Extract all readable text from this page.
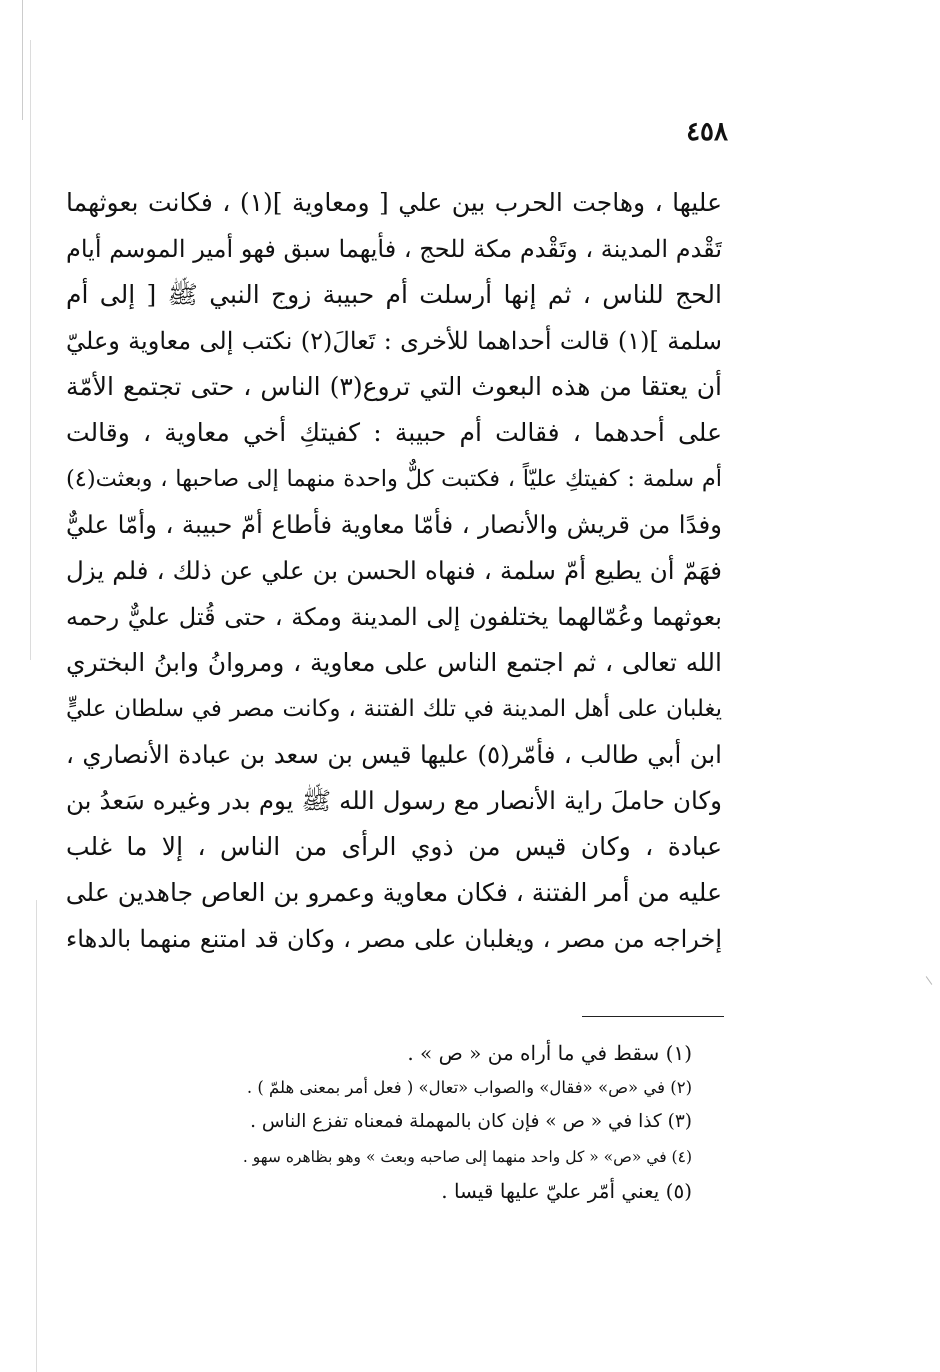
٤٥٨
عليها ، وهاجت الحرب بين علي [ ومعاوية ](١) ، فكانت بعوثهما
تَقْدم المدينة ، وتَقْدم مكة للحج ، فأيهما سبق فهو أمير الموسم أيام
الحج للناس ، ثم إنها أرسلت أم حبيبة زوج النبي ﷺ [ إلى أم
سلمة ](١) قالت أحداهما للأخرى : تَعالَ(٢) نكتب إلى معاوية وعليّ
أن يعتقا من هذه البعوث التي تروع(٣) الناس ، حتى تجتمع الأمّة
على أحدهما ، فقالت أم حبيبة : كفيتكِ أخي معاوية ، وقالت
أم سلمة : كفيتكِ عليّاً ، فكتبت كلٌّ واحدة منهما إلى صاحبها ، وبعثت(٤)
وفدًا من قريش والأنصار ، فأمّا معاوية فأطاع أمّ حبيبة ، وأمّا عليٌّ
فهَمّ أن يطيع أمّ سلمة ، فنهاه الحسن بن علي عن ذلك ، فلم يزل
بعوثهما وعُمّالهما يختلفون إلى المدينة ومكة ، حتى قُتل عليٌّ رحمه
الله تعالى ، ثم اجتمع الناس على معاوية ، ومروانُ وابنُ البختري
يغلبان على أهل المدينة في تلك الفتنة ، وكانت مصر في سلطان عليٍّ
ابن أبي طالب ، فأمّر(٥) عليها قيس بن سعد بن عبادة الأنصاري ،
وكان حاملَ راية الأنصار مع رسول الله ﷺ يوم بدر وغيره سَعدُ بن
عبادة ، وكان قيس من ذوي الرأى من الناس ، إلا ما غلب
عليه من أمر الفتنة ، فكان معاوية وعمرو بن العاص جاهدين على
إخراجه من مصر ، ويغلبان على مصر ، وكان قد امتنع منهما بالدهاء
(١) سقط في ما أراه من « ص » .
(٢) في «ص» «فقال» والصواب «تعال» ( فعل أمر بمعنى هلمّ ) .
(٣) كذا في « ص » فإن كان بالمهملة فمعناه تفزع الناس .
(٤) في «ص» « كل واحد منهما إلى صاحبه وبعث » وهو بظاهره سهو .
(٥) يعني أمّر عليّ عليها قيسا .
